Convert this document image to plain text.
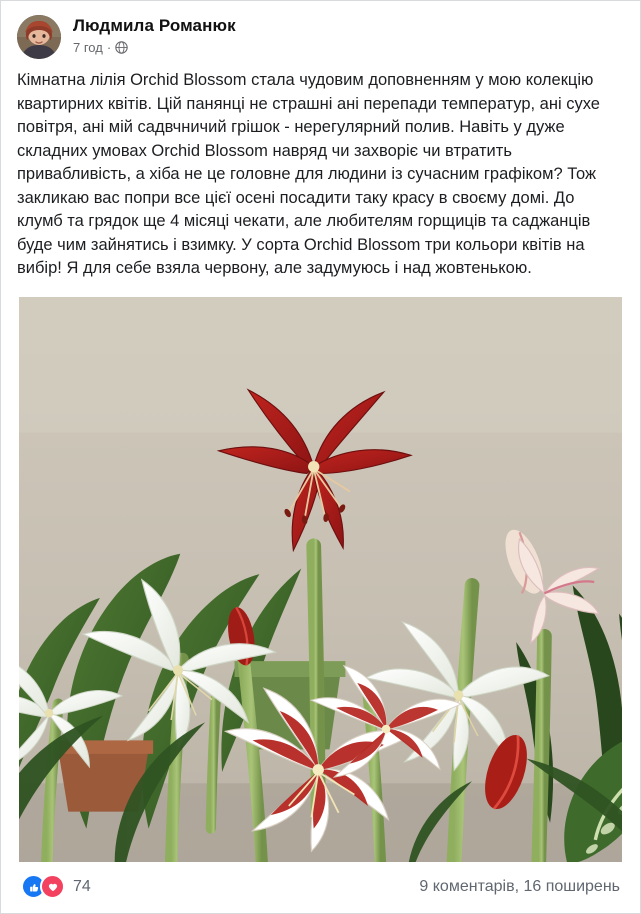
Людмила Романюк
7 год ·
Кімнатна лілія Orchid Blossom стала чудовим доповненням у мою колекцію квартирних квітів. Цій панянці не страшні ані перепади температур, ані сухе повітря, ані мій садвчничий грішок - нерегулярний полив. Навіть у дуже складних умовах Orchid Blossom навряд чи захворіє чи втратить привабливість, а хіба не це головне для людини із сучасним графіком? Тож закликаю вас попри все цієї осені посадити таку красу в своєму домі. До клумб та грядок ще 4 місяці чекати, але любителям горщиців та саджанців буде чим зайнятись і взимку. У сорта Orchid Blossom три кольори квітів на вибір! Я для себе взяла червону, але задумуюсь і над жовтенькою.
74	9 коментарів, 16 поширень
